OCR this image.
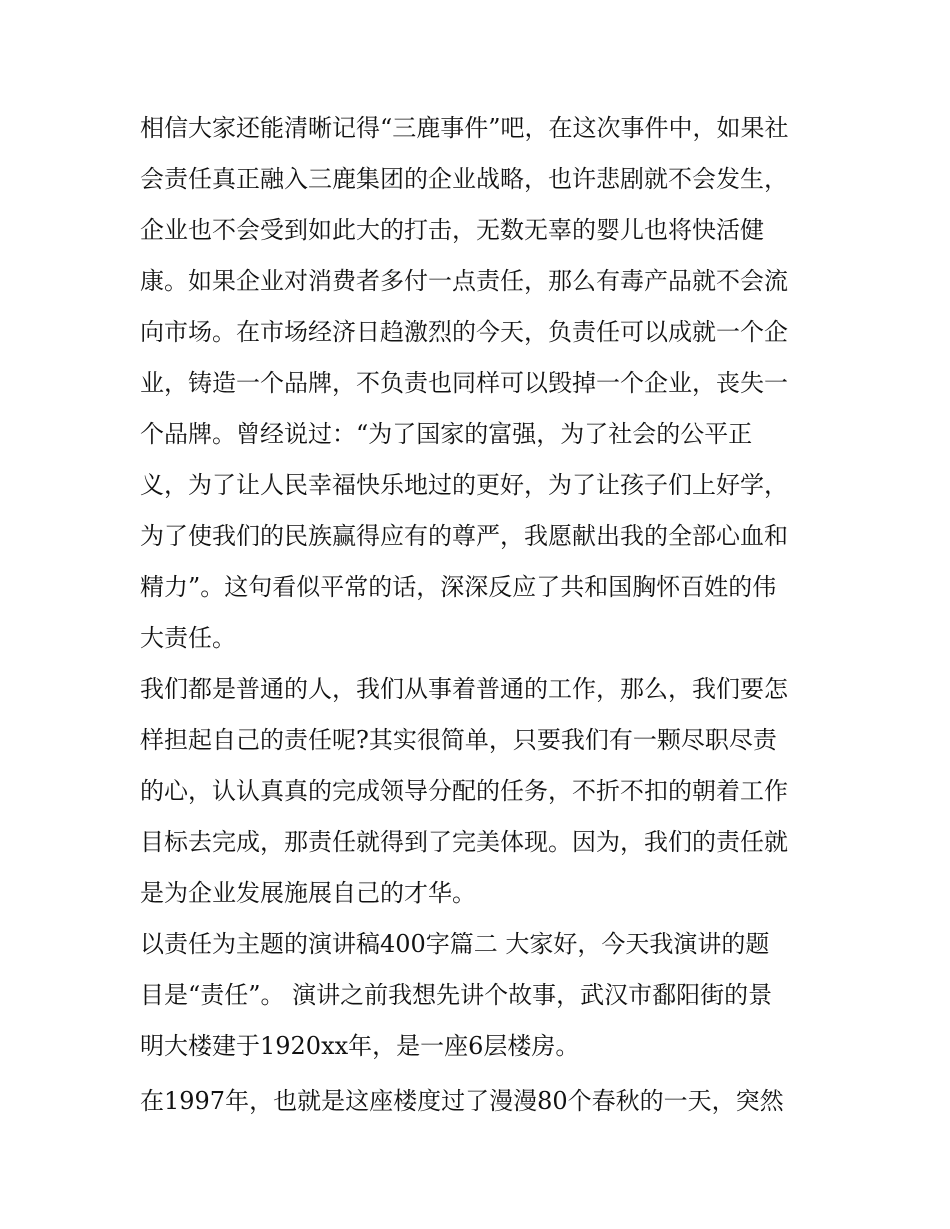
相信大家还能清晰记得“三鹿事件”吧，在这次事件中，如果社
会责任真正融入三鹿集团的企业战略，也许悲剧就不会发生，
企业也不会受到如此大的打击，无数无辜的婴儿也将快活健
康。如果企业对消费者多付一点责任，那么有毒产品就不会流
向市场。在市场经济日趋激烈的今天，负责任可以成就一个企
业，铸造一个品牌，不负责也同样可以毁掉一个企业，丧失一
个品牌。曾经说过：“为了国家的富强，为了社会的公平正
义，为了让人民幸福快乐地过的更好，为了让孩子们上好学，
为了使我们的民族赢得应有的尊严，我愿献出我的全部心血和
精力”。这句看似平常的话，深深反应了共和国胸怀百姓的伟
大责任。
我们都是普通的人，我们从事着普通的工作，那么，我们要怎
样担起自己的责任呢?其实很简单，只要我们有一颗尽职尽责
的心，认认真真的完成领导分配的任务，不折不扣的朝着工作
目标去完成，那责任就得到了完美体现。因为，我们的责任就
是为企业发展施展自己的才华。
以责任为主题的演讲稿400字篇二 大家好，今天我演讲的题
目是“责任”。 演讲之前我想先讲个故事，武汉市鄱阳街的景
明大楼建于1920xx年，是一座6层楼房。
在1997年，也就是这座楼度过了漫漫80个春秋的一天，突然
